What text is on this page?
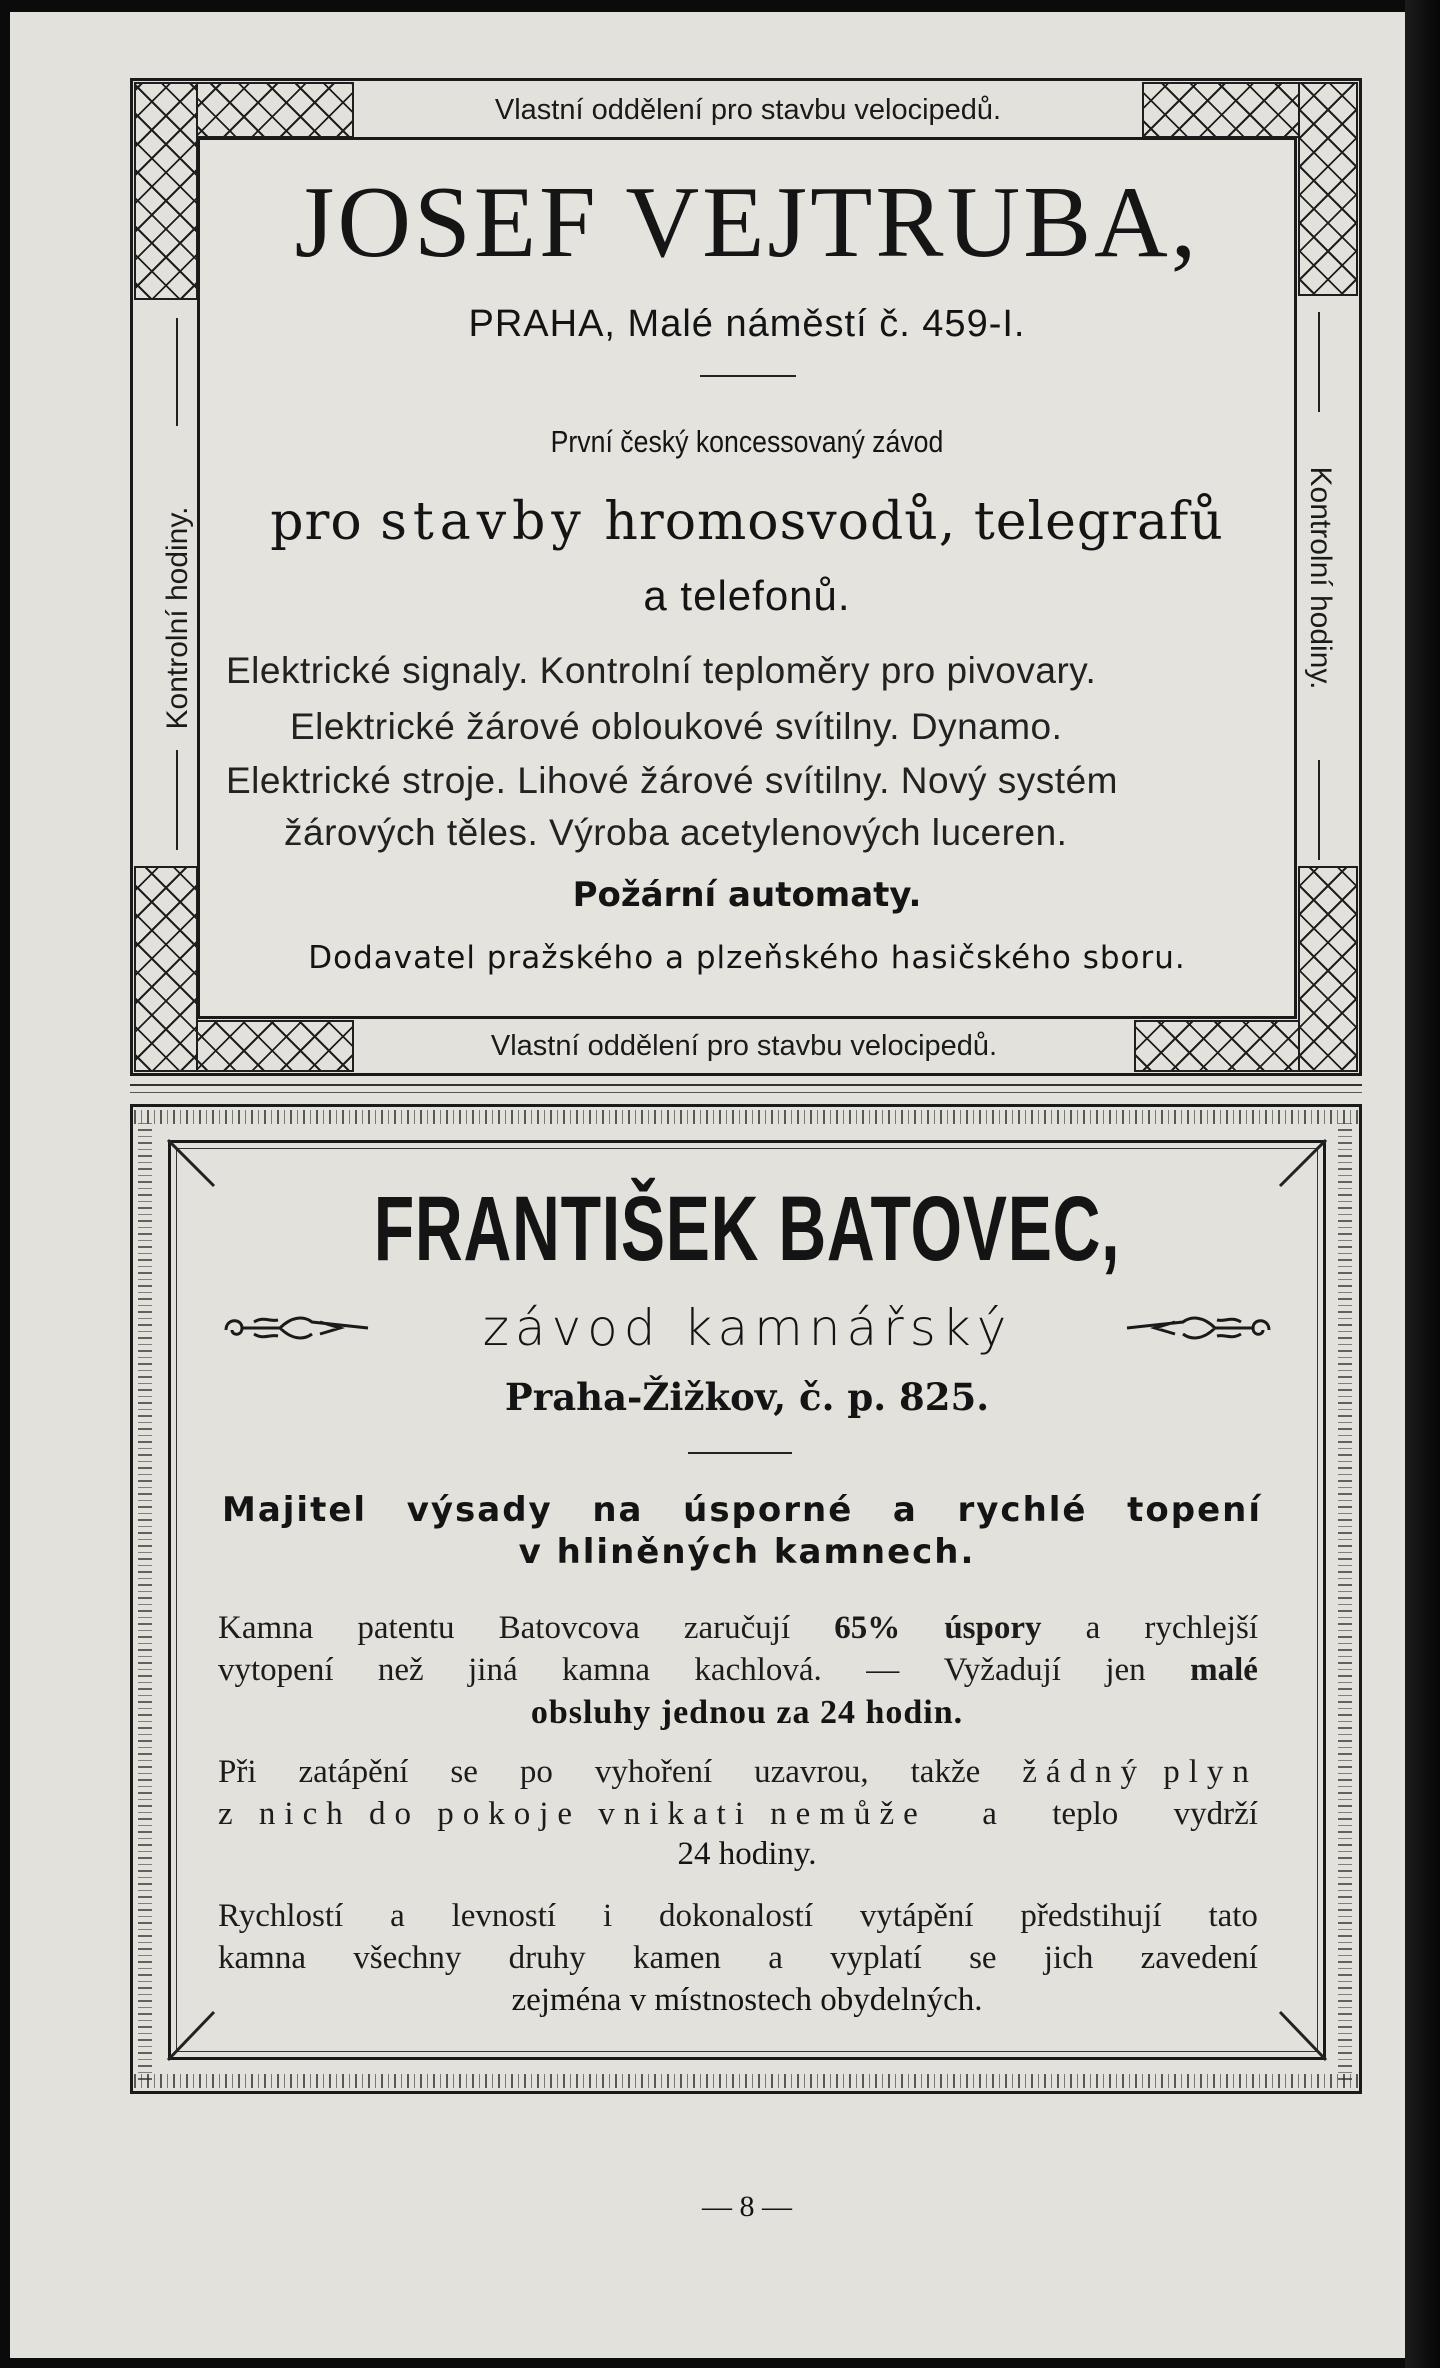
Vlastní oddělení pro stavbu velocipedů.
Vlastní oddělení pro stavbu velocipedů.
Kontrolní hodiny.	Kontrolní hodiny.
JOSEF VEJTRUBA,
PRAHA, Malé náměstí č. 459-I.
První český koncessovaný závod
pro stavby hromosvodů, telegrafů
a telefonů.
Elektrické signaly. Kontrolní teploměry pro pivovary.
Elektrické žárové obloukové svítilny. Dynamo.
Elektrické stroje. Lihové žárové svítilny. Nový systém
žárových těles. Výroba acetylenových luceren.
Požární automaty.
Dodavatel pražského a plzeňského hasičského sboru.
FRANTIŠEK BATOVEC,
závod kamnářský
Praha-Žižkov, č. p. 825.
Majitel výsady na úsporné a rychlé topení
v hliněných kamnech.
Kamna patentu Batovcova zaručují 65% úspory a rychlejší
vytopení než jiná kamna kachlová. — Vyžadují jen malé
obsluhy jednou za 24 hodin.
Při zatápění se po vyhoření uzavrou, takže žádný plyn
z nich do pokoje vnikati nemůže a teplo vydrží
24 hodiny.
Rychlostí a levností i dokonalostí vytápění předstihují tato
kamna všechny druhy kamen a vyplatí se jich zavedení
zejména v místnostech obydelných.
— 8 —
